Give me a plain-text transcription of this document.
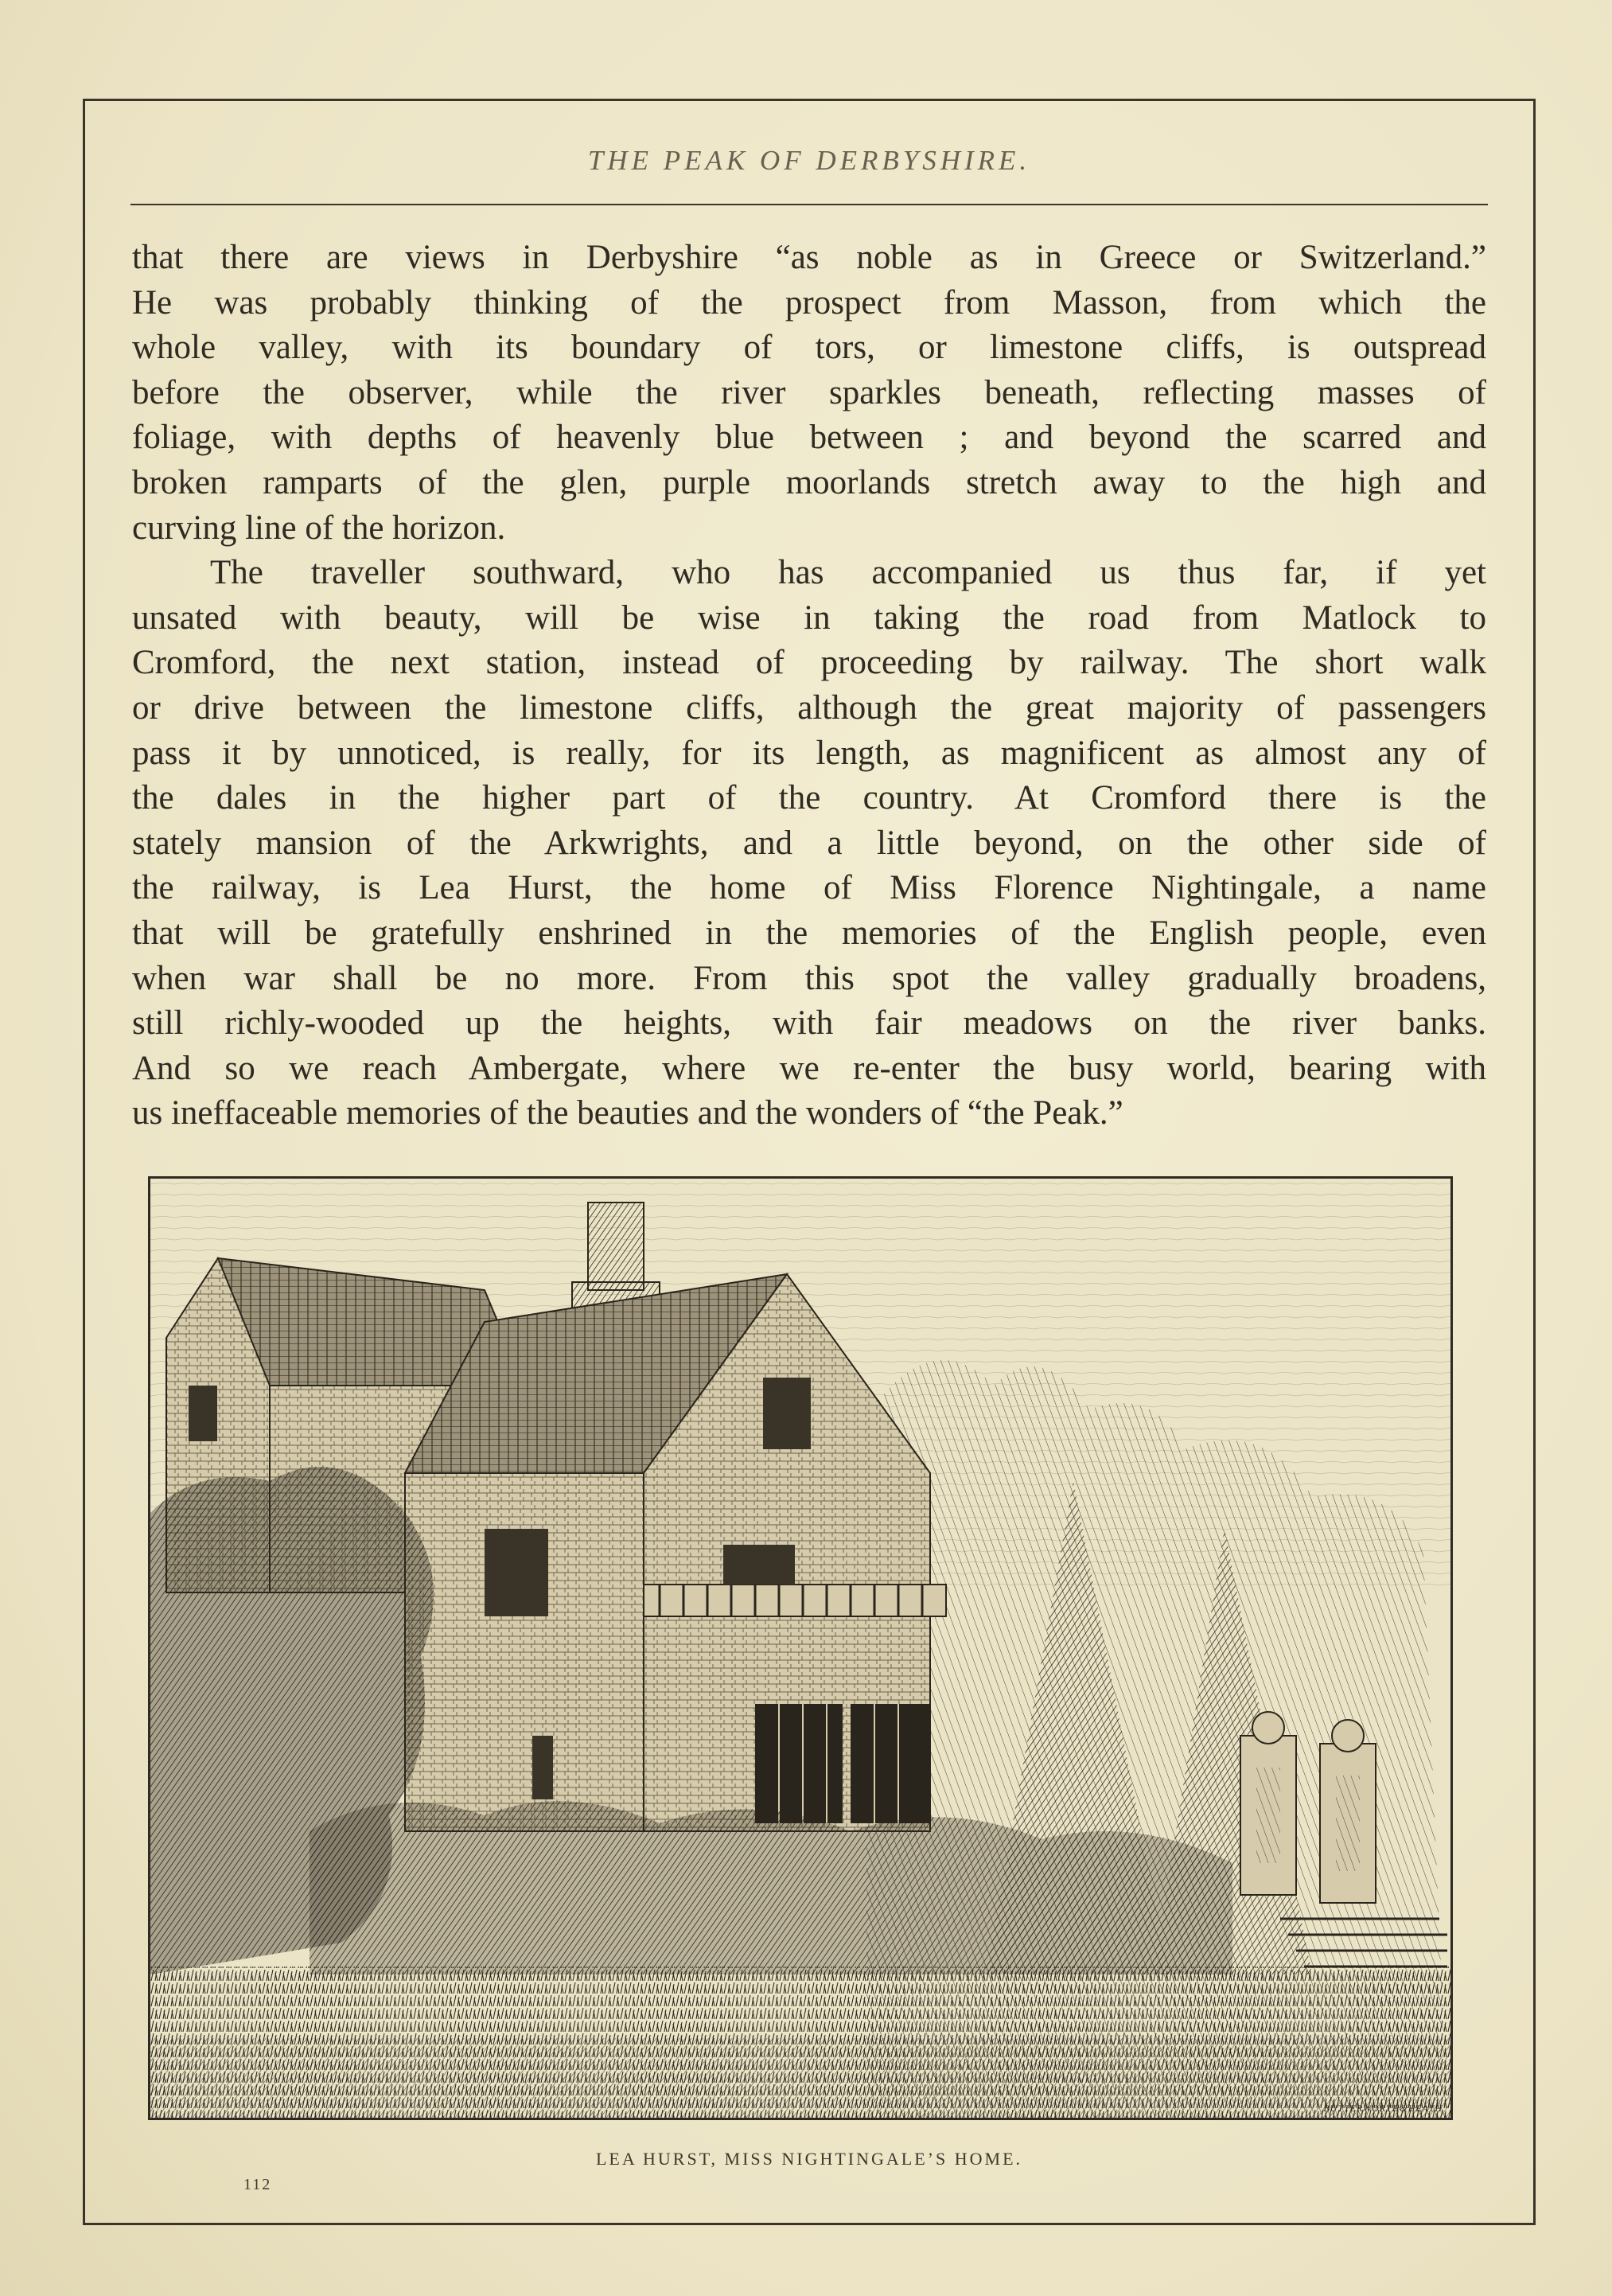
THE PEAK OF DERBYSHIRE.

that there are views in Derbyshire “as noble as in Greece or Switzerland.”

He was probably thinking of the prospect from Masson, from which the

whole valley, with its boundary of tors, or limestone cliffs, is outspread

before the observer, while the river sparkles beneath, reflecting masses of

foliage, with depths of heavenly blue between ; and beyond the scarred and

broken ramparts of the glen, purple moorlands stretch away to the high and

curving line of the horizon.

The traveller southward, who has accompanied us thus far, if yet

unsated with beauty, will be wise in taking the road from Matlock to

Cromford, the next station, instead of proceeding by railway. The short walk

or drive between the limestone cliffs, although the great majority of passengers

pass it by unnoticed, is really, for its length, as magnificent as almost any of

the dales in the higher part of the country. At Cromford there is the

stately mansion of the Arkwrights, and a little beyond, on the other side of

the railway, is Lea Hurst, the home of Miss Florence Nightingale, a name

that will be gratefully enshrined in the memories of the English people, even

when war shall be no more. From this spot the valley gradually broadens,

still richly-wooded up the heights, with fair meadows on the river banks.

And so we reach Ambergate, where we re-enter the busy world, bearing with

us ineffaceable memories of the beauties and the wonders of “the Peak.”

BUTTERWORTH&HEATH
LEA HURST, MISS NIGHTINGALE’S HOME.
112
